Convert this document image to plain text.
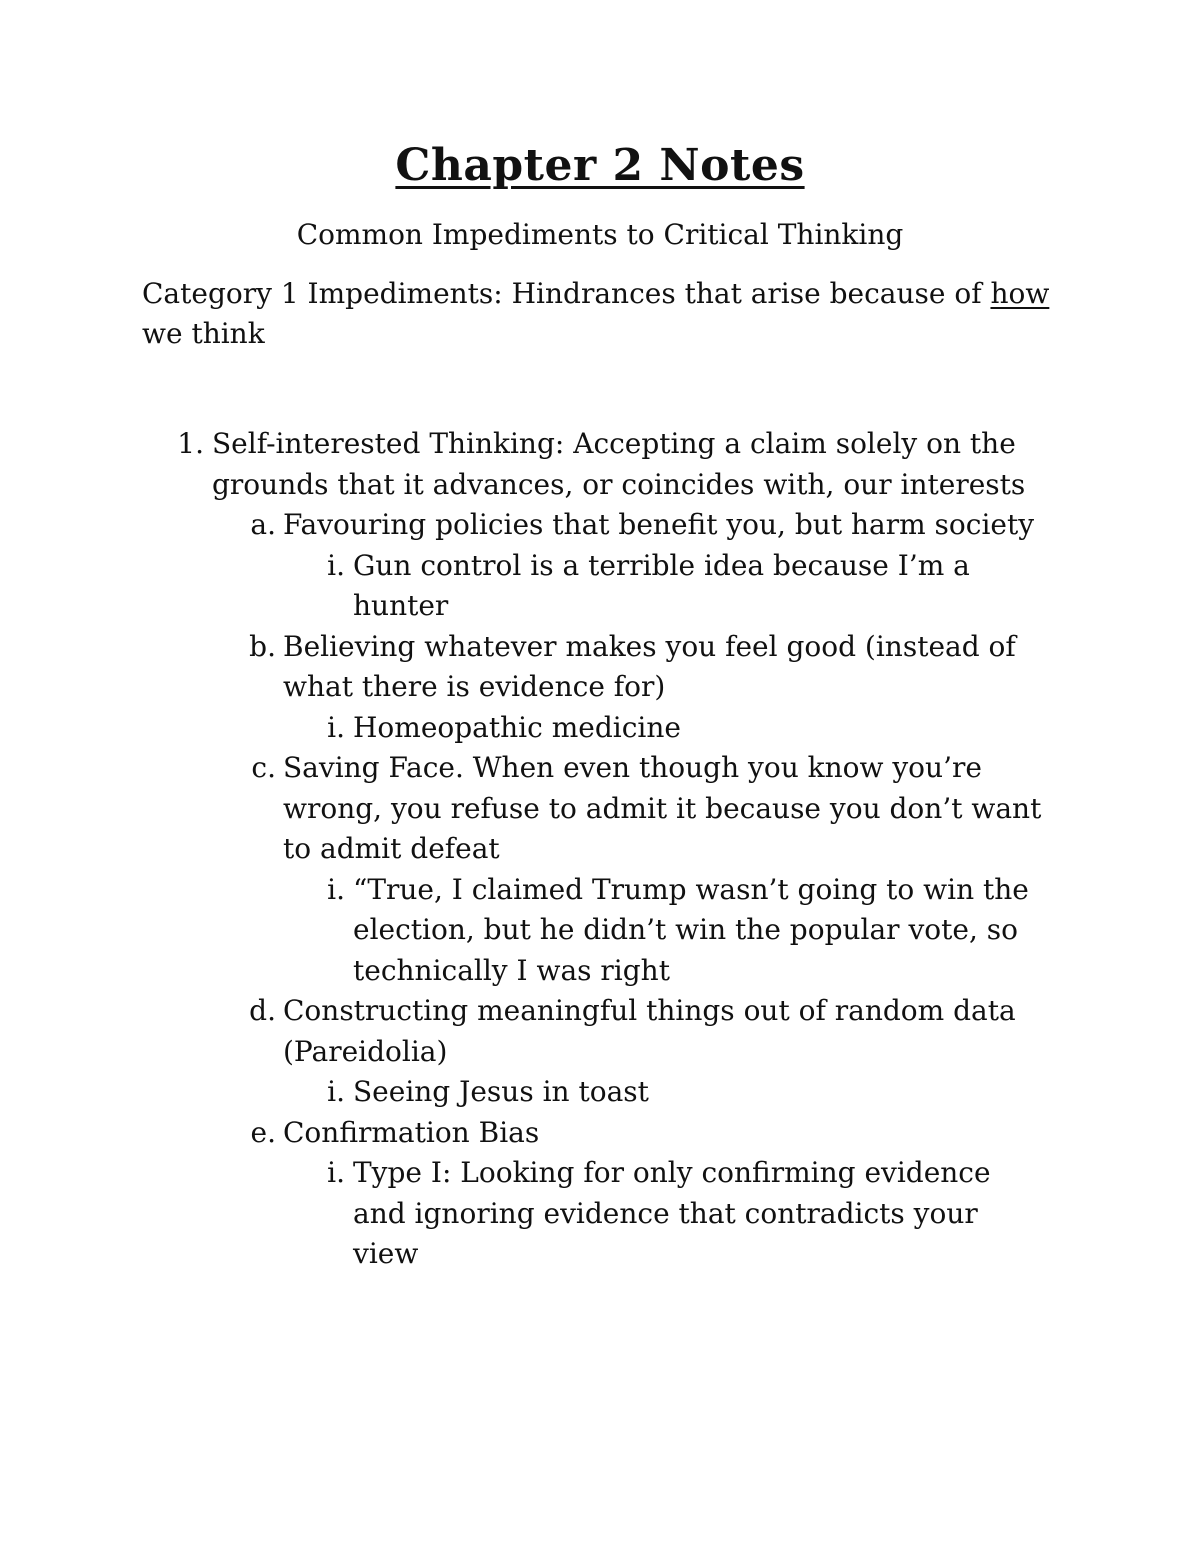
Chapter 2 Notes
Common Impediments to Critical Thinking
Category 1 Impediments: Hindrances that arise because of how we think
1. Self-interested Thinking: Accepting a claim solely on the grounds that it advances, or coincides with, our interests
a. Favouring policies that benefit you, but harm society
i. Gun control is a terrible idea because I’m a hunter
b. Believing whatever makes you feel good (instead of what there is evidence for)
i. Homeopathic medicine
c. Saving Face. When even though you know you’re wrong, you refuse to admit it because you don’t want to admit defeat
i. “True, I claimed Trump wasn’t going to win the election, but he didn’t win the popular vote, so technically I was right
d. Constructing meaningful things out of random data (Pareidolia)
i. Seeing Jesus in toast
e. Confirmation Bias
i. Type I: Looking for only confirming evidence and ignoring evidence that contradicts your view
